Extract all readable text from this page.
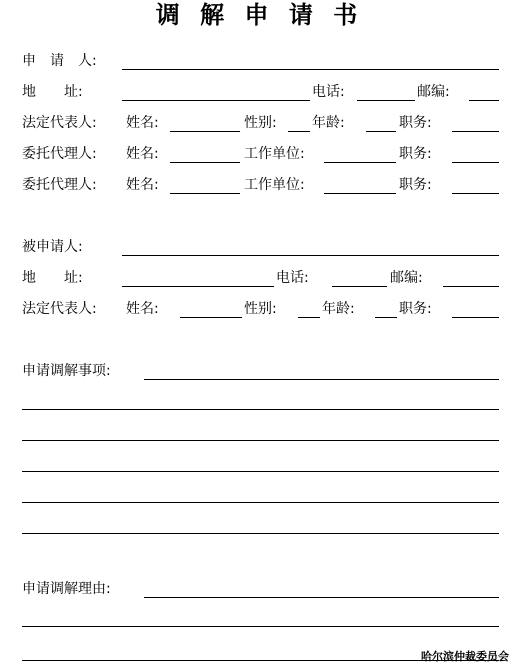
调 解 申 请 书
申　请　人:
地　　址:	电话:	邮编:
法定代表人: 姓名:	性别:	年龄:	职务:
委托代理人: 姓名:	工作单位:	职务:
委托代理人: 姓名:	工作单位:	职务:
被申请人:
地　　址:	电话:	邮编:
法定代表人: 姓名:	性别:	年龄:	职务:
申请调解事项:
申请调解理由:
哈尔滨仲裁委员会
